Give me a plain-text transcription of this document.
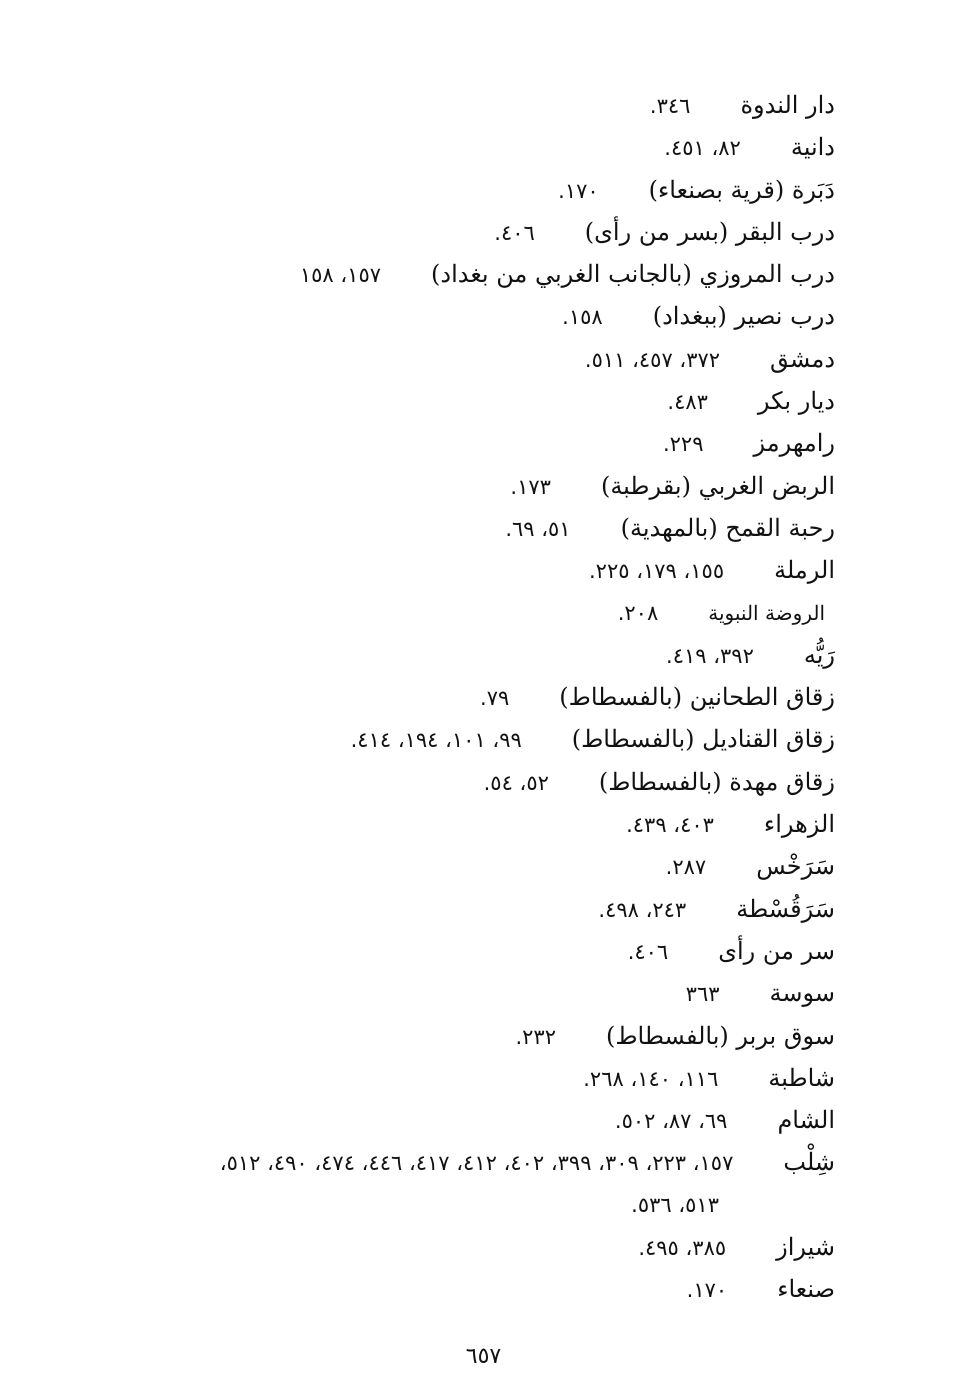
دار الندوة
٣٤٦.
دانية
٨٢، ٤٥١.
دَبَرة (قرية بصنعاء)
١٧٠.
درب البقر (بسر من رأى)
٤٠٦.
درب المروزي (بالجانب الغربي من بغداد)
١٥٧، ١٥٨
درب نصير (ببغداد)
١٥٨.
دمشق
٣٧٢، ٤٥٧، ٥١١.
ديار بكر
٤٨٣.
رامهرمز
٢٢٩.
الربض الغربي (بقرطبة)
١٧٣.
رحبة القمح (بالمهدية)
٥١، ٦٩.
الرملة
١٥٥، ١٧٩، ٢٢٥.
الروضة النبوية
٢٠٨.
رَيُّه
٣٩٢، ٤١٩.
زقاق الطحانين (بالفسطاط)
٧٩.
زقاق القناديل (بالفسطاط)
٩٩، ١٠١، ١٩٤، ٤١٤.
زقاق مهدة (بالفسطاط)
٥٢، ٥٤.
الزهراء
٤٠٣، ٤٣٩.
سَرَخْس
٢٨٧.
سَرَقُسْطة
٢٤٣، ٤٩٨.
سر من رأى
٤٠٦.
سوسة
٣٦٣
سوق بربر (بالفسطاط)
٢٣٢.
شاطبة
١١٦، ١٤٠، ٢٦٨.
الشام
٦٩، ٨٧، ٥٠٢.
شِلْب
١٥٧، ٢٢٣، ٣٠٩، ٣٩٩، ٤٠٢، ٤١٢، ٤١٧، ٤٤٦، ٤٧٤، ٤٩٠، ٥١٢،
٥١٣، ٥٣٦.
شيراز
٣٨٥، ٤٩٥.
صنعاء
١٧٠.
٦٥٧
